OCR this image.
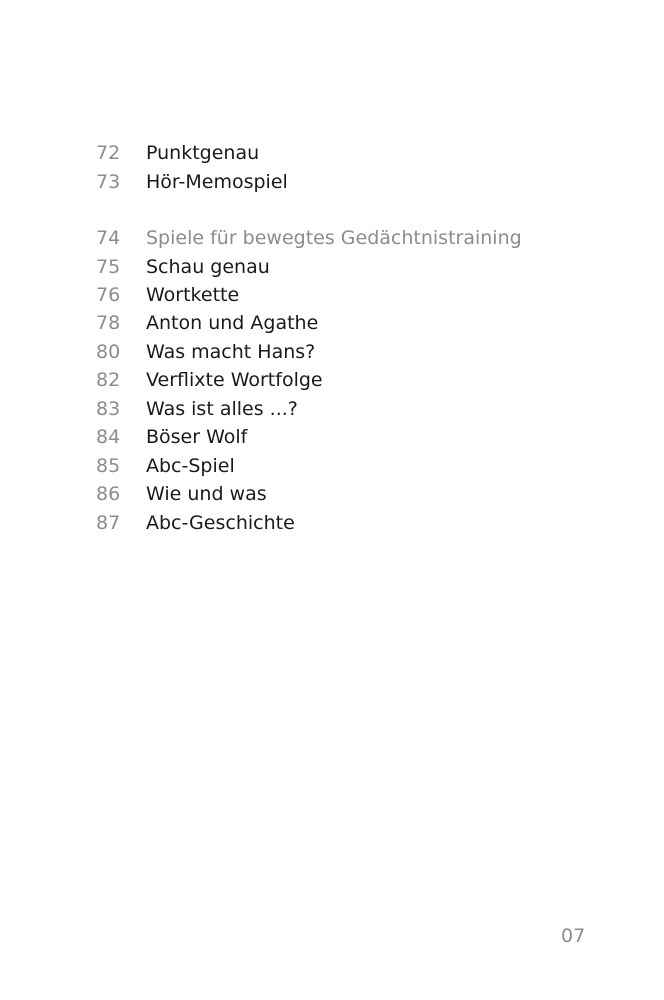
72	Punktgenau
73	Hör-Memospiel
74	Spiele für bewegtes Gedächtnistraining
75	Schau genau
76	Wortkette
78	Anton und Agathe
80	Was macht Hans?
82	Verflixte Wortfolge
83	Was ist alles ...?
84	Böser Wolf
85	Abc-Spiel
86	Wie und was
87	Abc-Geschichte
07
